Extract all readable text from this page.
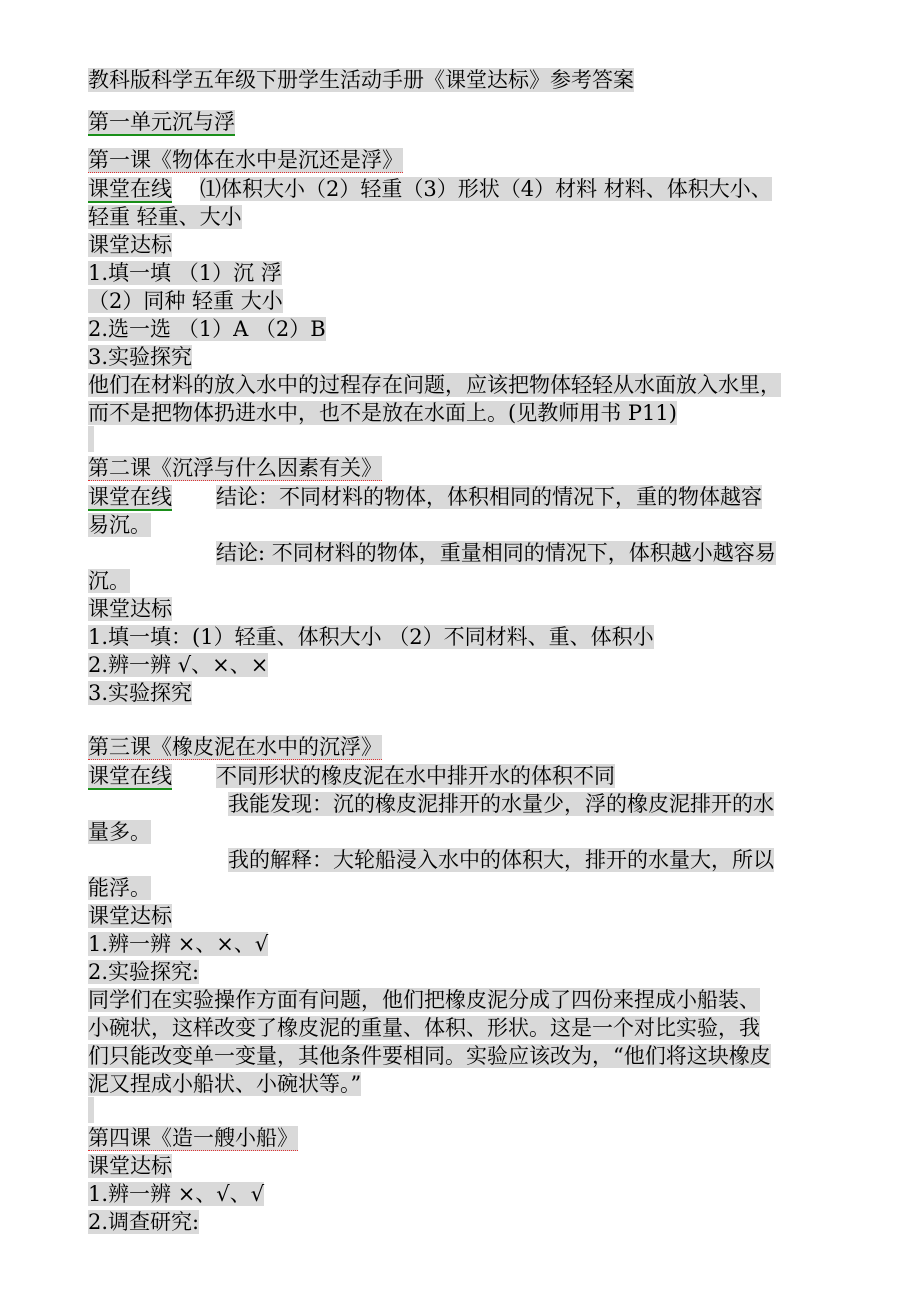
教科版科学五年级下册学生活动手册《课堂达标》参考答案
第一单元沉与浮
第一课《物体在水中是沉还是浮》
课堂在线 ⑴体积大小（2）轻重（3）形状（4）材料 材料、体积大小、
轻重 轻重、大小
课堂达标
1.填一填 （1）沉 浮
（2）同种 轻重 大小
2.选一选 （1）A （2）B
3.实验探究
他们在材料的放入水中的过程存在问题，应该把物体轻轻从水面放入水里，
而不是把物体扔进水中，也不是放在水面上。(见教师用书 P11)
第二课《沉浮与什么因素有关》
课堂在线 结论：不同材料的物体，体积相同的情况下，重的物体越容
易沉。
结论: 不同材料的物体，重量相同的情况下，体积越小越容易
沉。
课堂达标
1.填一填：(1）轻重、体积大小 （2）不同材料、重、体积小
2.辨一辨 √、×、×
3.实验探究
第三课《橡皮泥在水中的沉浮》
课堂在线 不同形状的橡皮泥在水中排开水的体积不同
我能发现：沉的橡皮泥排开的水量少，浮的橡皮泥排开的水
量多。
我的解释：大轮船浸入水中的体积大，排开的水量大，所以
能浮。
课堂达标
1.辨一辨 ×、×、√
2.实验探究:
同学们在实验操作方面有问题，他们把橡皮泥分成了四份来捏成小船装、
小碗状，这样改变了橡皮泥的重量、体积、形状。这是一个对比实验，我
们只能改变单一变量，其他条件要相同。实验应该改为，“他们将这块橡皮
泥又捏成小船状、小碗状等。”
第四课《造一艘小船》
课堂达标
1.辨一辨 ×、√、√
2.调查研究:
